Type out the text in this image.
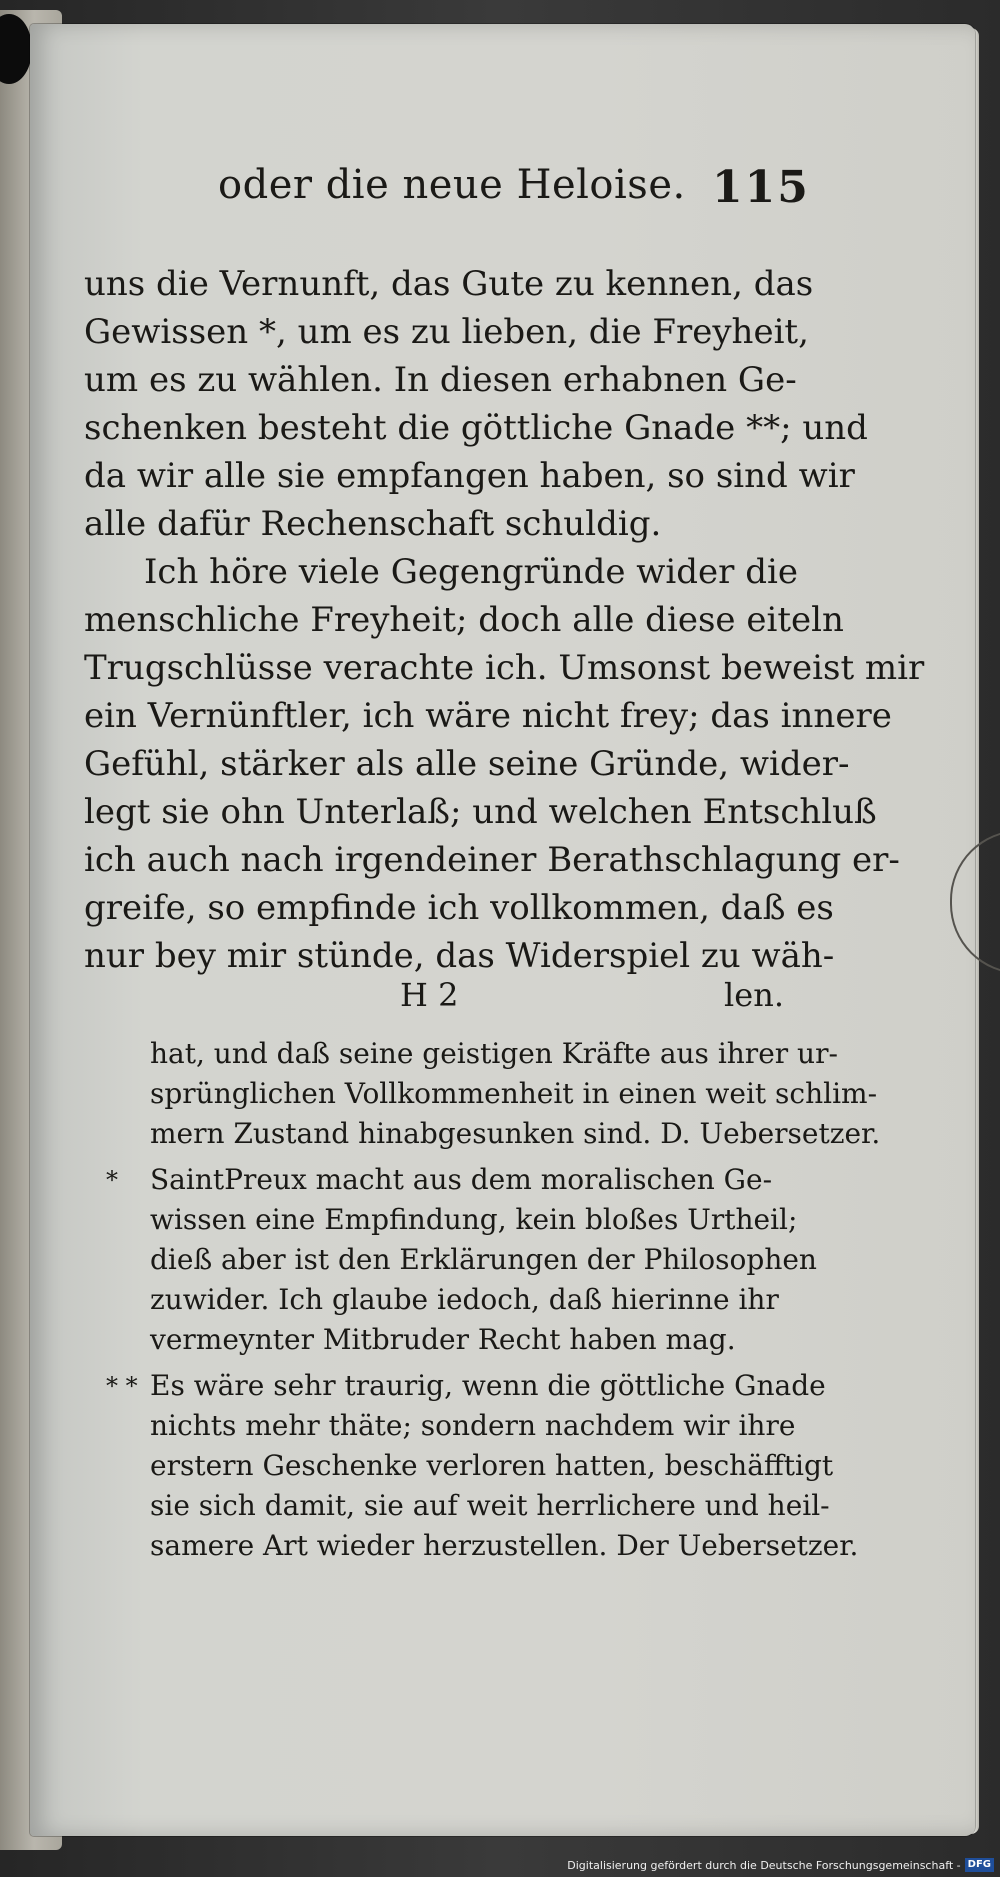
oder die neue Heloise. 115
uns die Vernunft, das Gute zu kennen, das
Gewissen *, um es zu lieben, die Freyheit,
um es zu wählen. In diesen erhabnen Ge-
schenken besteht die göttliche Gnade **; und
da wir alle sie empfangen haben, so sind wir
alle dafür Rechenschaft schuldig.
Ich höre viele Gegengründe wider die
menschliche Freyheit; doch alle diese eiteln
Trugschlüsse verachte ich. Umsonst beweist mir
ein Vernünftler, ich wäre nicht frey; das innere
Gefühl, stärker als alle seine Gründe, wider-
legt sie ohn Unterlaß; und welchen Entschluß
ich auch nach irgendeiner Berathschlagung er-
greife, so empfinde ich vollkommen, daß es
nur bey mir stünde, das Widerspiel zu wäh-
H 2	len.
hat, und daß seine geistigen Kräfte aus ihrer ur-
sprünglichen Vollkommenheit in einen weit schlim-
mern Zustand hinabgesunken sind. D. Uebersetzer.
* SaintPreux macht aus dem moralischen Ge-
wissen eine Empfindung, kein bloßes Urtheil;
dieß aber ist den Erklärungen der Philosophen
zuwider. Ich glaube iedoch, daß hierinne ihr
vermeynter Mitbruder Recht haben mag.
* * Es wäre sehr traurig, wenn die göttliche Gnade
nichts mehr thäte; sondern nachdem wir ihre
erstern Geschenke verloren hatten, beschäfftigt
sie sich damit, sie auf weit herrlichere und heil-
samere Art wieder herzustellen. Der Uebersetzer.
Digitalisierung gefördert durch die Deutsche Forschungsgemeinschaft - DFG
